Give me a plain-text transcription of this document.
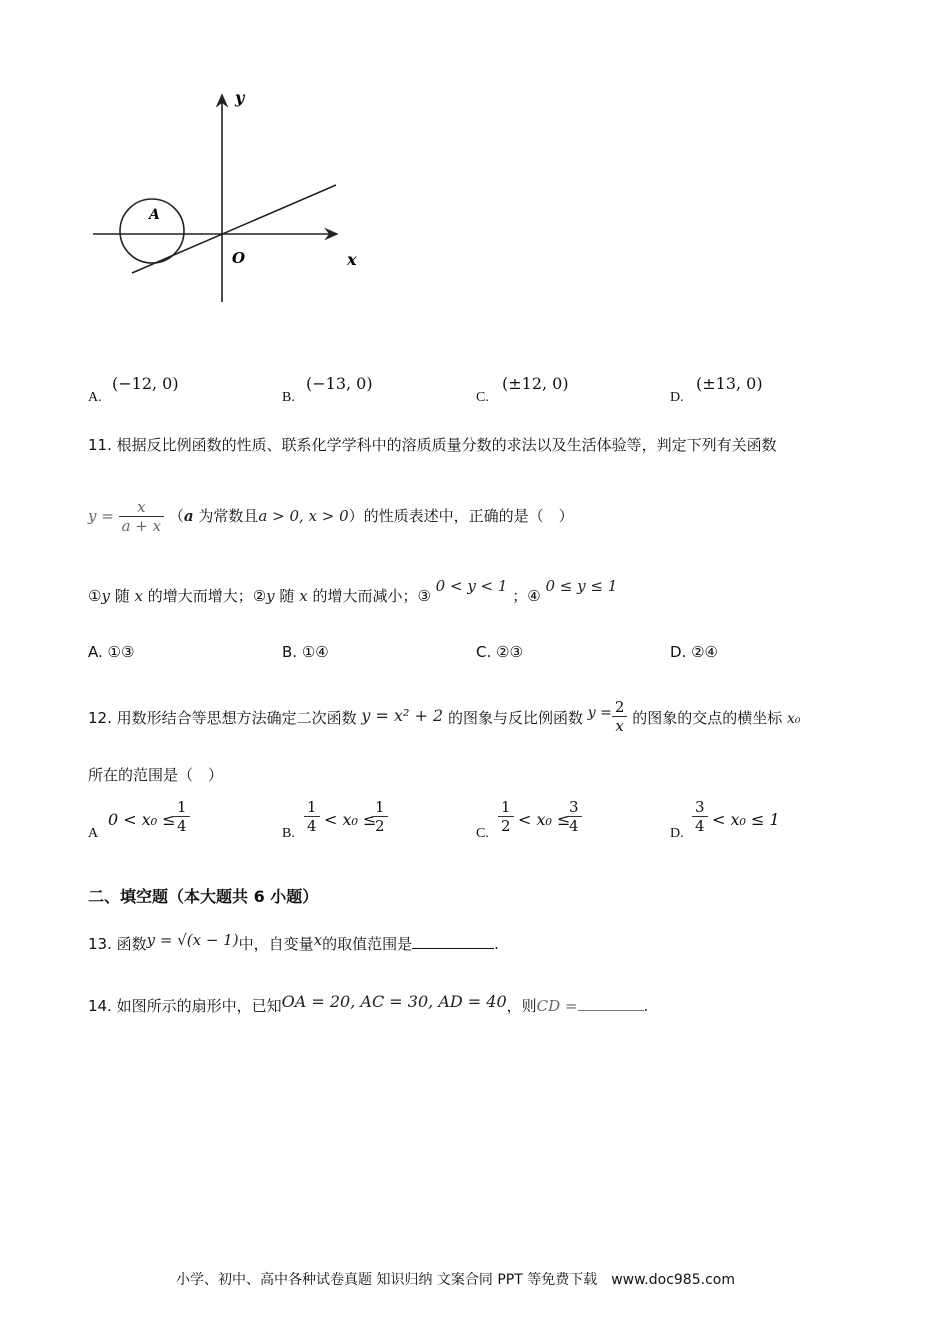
y
x
O
A
A.
(−12, 0)
B.
(−13, 0)
C.
(±12, 0)
D.
(±13, 0)
11. 根据反比例函数的性质、联系化学学科中的溶质质量分数的求法以及生活体验等，判定下列有关函数
$y = \frac{x}{a + x} (a$ 为常数且a > 0, x > 0）的性质表述中，正确的是（　）
①y 随 x 的增大而增大；②y 随 x 的增大而减小；③ 0 < y < 1 ；④ 0 ≤ y ≤ 1
A. ①③	B. ①④	C. ②③	D. ②④
12. 用数形结合等思想方法确定二次函数 y = x² + 2 的图象与反比例函数 $y = \frac{2}{x}$ 的图象的交点的横坐标 x₀
所在的范围是（　）
A
0 < x₀ ≤
$\frac{1}{4}$	B. $\frac{1}{4} < x_0$ ≤
$\frac{1}{2}$	C. $\frac{1}{2} < x_0$ ≤
$\frac{3}{4}$	D. $\frac{3}{4} < x_0 \le 1$
二、填空题（本大题共 6 小题）
13. 函数y = √(x − 1)中，自变量x的取值范围是	.
14. 如图所示的扇形中，已知OA = 20, AC = 30, AD = 40，则CD =	.
小学、初中、高中各种试卷真题 知识归纳 文案合同 PPT 等免费下载　www.doc985.com
